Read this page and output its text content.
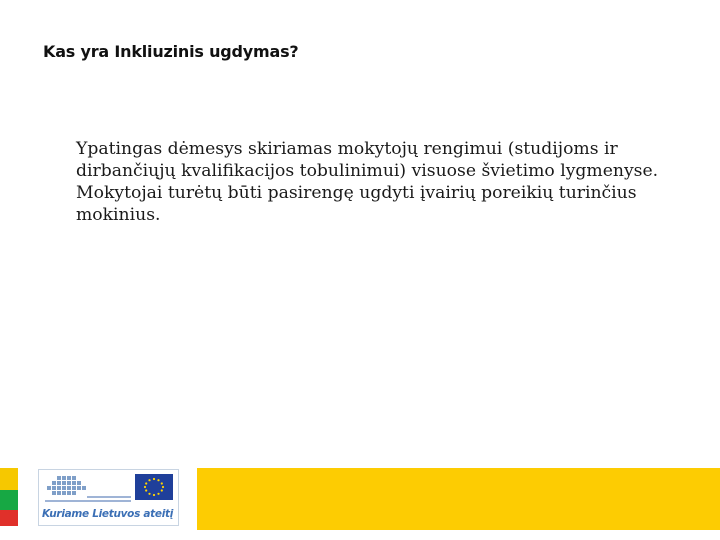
Kas yra Inkliuzinis ugdymas?

Ypatingas dėmesys skiriamas mokytojų rengimui (studijoms ir dirbančiųjų kvalifikacijos tobulinimui) visuose švietimo lygmenyse. Mokytojai turėtų būti pasirengę ugdyti įvairių poreikių turinčius mokinius.

Kuriame Lietuvos ateitį
